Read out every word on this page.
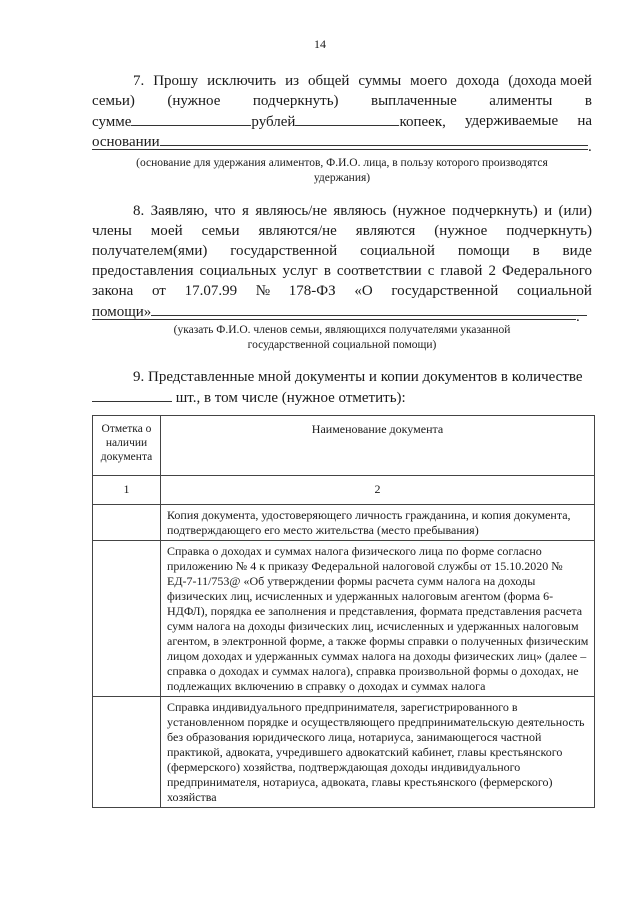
14
7. Прошу исключить из общей суммы моего дохода (дохода моей
семьи) (нужное подчеркнуть) выплаченные алименты в
сумме	рублей	копеек, удерживаемые на
основании	.
(основание для удержания алиментов, Ф.И.О. лица, в пользу которого производятся
удержания)
8. Заявляю, что я являюсь/не являюсь (нужное подчеркнуть) и (или)
члены моей семьи являются/не являются (нужное подчеркнуть)
получателем(ями) государственной социальной помощи в виде
предоставления социальных услуг в соответствии с главой 2 Федерального
закона от 17.07.99 № 178-ФЗ «О государственной социальной
помощи»	.
(указать Ф.И.О. членов семьи, являющихся получателями указанной
государственной социальной помощи)
9. Представленные мной документы и копии документов в количестве
шт., в том числе (нужное отметить):
Отметка о наличии документа	Наименование документа
1	2
	Копия документа, удостоверяющего личность гражданина, и копия документа, подтверждающего его место жительства (место пребывания)
	Справка о доходах и суммах налога физического лица по форме согласно приложению № 4 к приказу Федеральной налоговой службы от 15.10.2020 № ЕД-7-11/753@ «Об утверждении формы расчета сумм налога на доходы физических лиц, исчисленных и удержанных налоговым агентом (форма 6-НДФЛ), порядка ее заполнения и представления, формата представления расчета сумм налога на доходы физических лиц, исчисленных и удержанных налоговым агентом, в электронной форме, а также формы справки о полученных физическим лицом доходах и удержанных суммах налога на доходы физических лиц» (далее – справка о доходах и суммах налога), справка произвольной формы о доходах, не подлежащих включению в справку о доходах и суммах налога
	Справка индивидуального предпринимателя, зарегистрированного в установленном порядке и осуществляющего предпринимательскую деятельность без образования юридического лица, нотариуса, занимающегося частной практикой, адвоката, учредившего адвокатский кабинет, главы крестьянского (фермерского) хозяйства, подтверждающая доходы индивидуального предпринимателя, нотариуса, адвоката, главы крестьянского (фермерского) хозяйства
